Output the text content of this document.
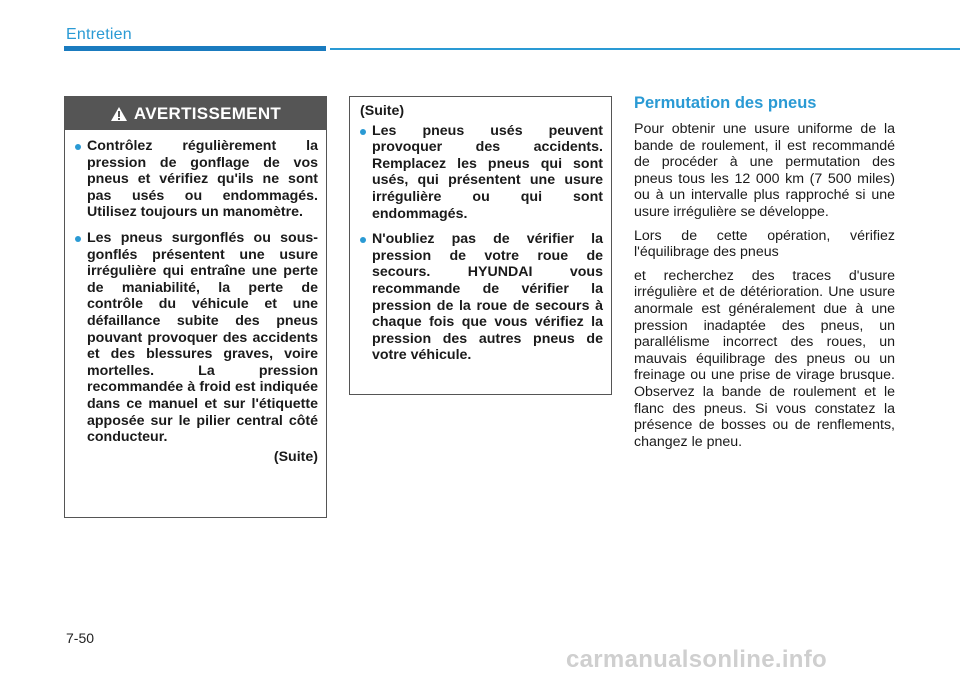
Entretien
AVERTISSEMENT
Contrôlez régulièrement la pression de gonflage de vos pneus et vérifiez qu'ils ne sont pas usés ou endommagés. Utilisez toujours un manomètre.
Les pneus surgonflés ou sous-gonflés présentent une usure irrégulière qui entraîne une perte de maniabilité, la perte de contrôle du véhicule et une défaillance subite des pneus pouvant provoquer des accidents et des blessures graves, voire mortelles. La pression recommandée à froid est indiquée dans ce manuel et sur l'étiquette apposée sur le pilier central côté conducteur.
(Suite)
(Suite)
Les pneus usés peuvent provoquer des accidents. Remplacez les pneus qui sont usés, qui présentent une usure irrégulière ou qui sont endommagés.
N'oubliez pas de vérifier la pression de votre roue de secours. HYUNDAI vous recommande de vérifier la pression de la roue de secours à chaque fois que vous vérifiez la pression des autres pneus de votre véhicule.
Permutation des pneus

Pour obtenir une usure uniforme de la bande de roulement, il est recommandé de procéder à une permutation des pneus tous les 12 000 km (7 500 miles) ou à un intervalle plus rapproché si une usure irrégulière se développe.

Lors de cette opération, vérifiez l'équilibrage des pneus

et recherchez des traces d'usure irrégulière et de détérioration. Une usure anormale est généralement due à une pression inadaptée des pneus, un parallélisme incorrect des roues, un mauvais équilibrage des pneus ou un freinage ou une prise de virage brusque. Observez la bande de roulement et le flanc des pneus. Si vous constatez la présence de bosses ou de renflements, changez le pneu.

7-50
carmanualsonline.info
